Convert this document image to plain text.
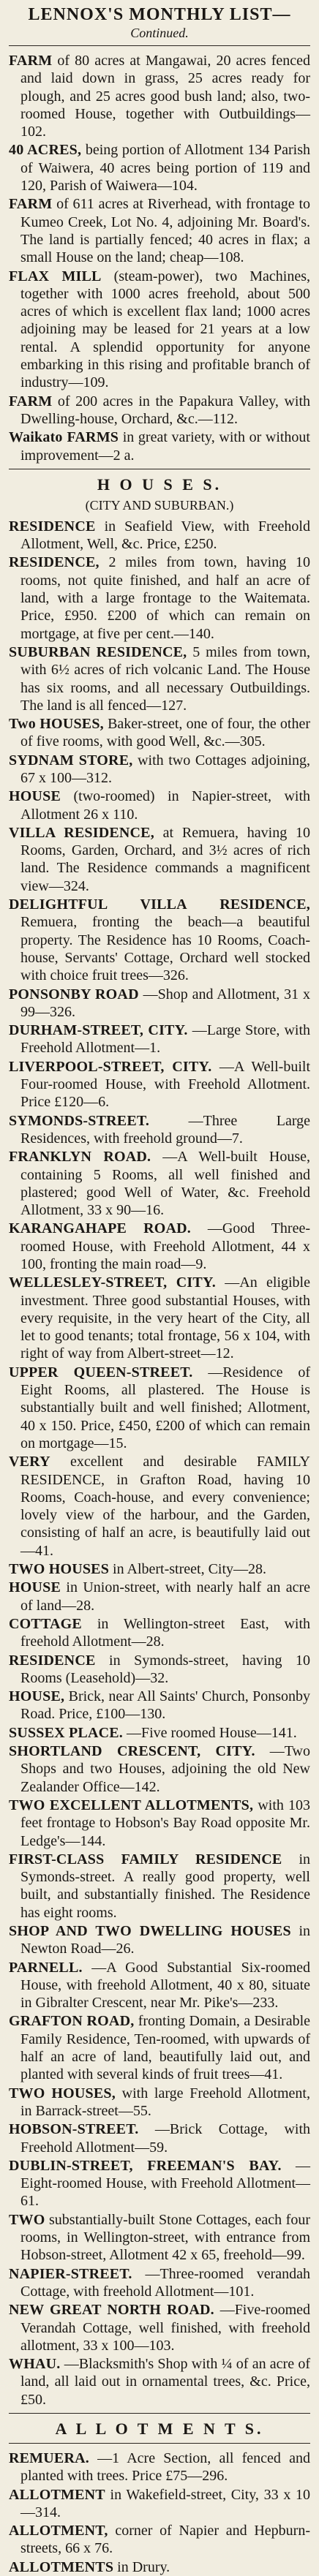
LENNOX'S MONTHLY LIST—

Continued.

FARM of 80 acres at Mangawai, 20 acres fenced and laid down in grass, 25 acres ready for plough, and 25 acres good bush land; also, two-roomed House, together with Outbuildings—102.

40 ACRES, being portion of Allotment 134 Parish of Waiwera, 40 acres being portion of 119 and 120, Parish of Waiwera—104.

FARM of 611 acres at Riverhead, with frontage to Kumeo Creek, Lot No. 4, adjoining Mr. Board's. The land is partially fenced; 40 acres in flax; a small House on the land; cheap—108.

FLAX MILL (steam-power), two Machines, together with 1000 acres freehold, about 500 acres of which is excellent flax land; 1000 acres adjoining may be leased for 21 years at a low rental. A splendid opportunity for anyone embarking in this rising and profitable branch of industry—109.

FARM of 200 acres in the Papakura Valley, with Dwelling-house, Orchard, &c.—112.

Waikato FARMS in great variety, with or without improvement—2 a.

H O U S E S.

(CITY AND SUBURBAN.)

RESIDENCE in Seafield View, with Freehold Allotment, Well, &c. Price, £250.

RESIDENCE, 2 miles from town, having 10 rooms, not quite finished, and half an acre of land, with a large frontage to the Waitemata. Price, £950. £200 of which can remain on mortgage, at five per cent.—140.

SUBURBAN RESIDENCE, 5 miles from town, with 6½ acres of rich volcanic Land. The House has six rooms, and all necessary Outbuildings. The land is all fenced—127.

Two HOUSES, Baker-street, one of four, the other of five rooms, with good Well, &c.—305.

SYDNAM STORE, with two Cottages adjoining, 67 x 100—312.

HOUSE (two-roomed) in Napier-street, with Allotment 26 x 110.

VILLA RESIDENCE, at Remuera, having 10 Rooms, Garden, Orchard, and 3½ acres of rich land. The Residence commands a magnificent view—324.

DELIGHTFUL VILLA RESIDENCE, Remuera, fronting the beach—a beautiful property. The Residence has 10 Rooms, Coach-house, Servants' Cottage, Orchard well stocked with choice fruit trees—326.

PONSONBY ROAD —Shop and Allotment, 31 x 99—326.

DURHAM-STREET, CITY. —Large Store, with Freehold Allotment—1.

LIVERPOOL-STREET, CITY. —A Well-built Four-roomed House, with Freehold Allotment. Price £120—6.

SYMONDS-STREET.	—Three Large Residences, with freehold ground—7.

FRANKLYN ROAD. —A Well-built House, containing 5 Rooms, all well finished and plastered; good Well of Water, &c. Freehold Allotment, 33 x 90—16.

KARANGAHAPE ROAD. —Good Three-roomed House, with Freehold Allotment, 44 x 100, fronting the main road—9.

WELLESLEY-STREET, CITY. —An eligible investment. Three good substantial Houses, with every requisite, in the very heart of the City, all let to good tenants; total frontage, 56 x 104, with right of way from Albert-street—12.

UPPER QUEEN-STREET. —Residence of Eight Rooms, all plastered. The House is substantially built and well finished; Allotment, 40 x 150. Price, £450, £200 of which can remain on mortgage—15.

VERY excellent and desirable FAMILY RESIDENCE, in Grafton Road, having 10 Rooms, Coach-house, and every convenience; lovely view of the harbour, and the Garden, consisting of half an acre, is beautifully laid out—41.

TWO HOUSES in Albert-street, City—28.

HOUSE in Union-street, with nearly half an acre of land—28.

COTTAGE in Wellington-street East, with freehold Allotment—28.

RESIDENCE in Symonds-street, having 10 Rooms (Leasehold)—32.

HOUSE, Brick, near All Saints' Church, Ponsonby Road. Price, £100—130.

SUSSEX PLACE. —Five roomed House—141.

SHORTLAND CRESCENT, CITY. —Two Shops and two Houses, adjoining the old New Zealander Office—142.

TWO EXCELLENT ALLOTMENTS, with 103 feet frontage to Hobson's Bay Road opposite Mr. Ledge's—144.

FIRST-CLASS FAMILY RESIDENCE in Symonds-street. A really good property, well built, and substantially finished. The Residence has eight rooms.

SHOP AND TWO DWELLING HOUSES in Newton Road—26.

PARNELL. —A Good Substantial Six-roomed House, with freehold Allotment, 40 x 80, situate in Gibralter Crescent, near Mr. Pike's—233.

GRAFTON ROAD, fronting Domain, a Desirable Family Residence, Ten-roomed, with upwards of half an acre of land, beautifully laid out, and planted with several kinds of fruit trees—41.

TWO HOUSES, with large Freehold Allotment, in Barrack-street—55.

HOBSON-STREET. —Brick Cottage, with Freehold Allotment—59.

DUBLIN-STREET, FREEMAN'S BAY. —Eight-roomed House, with Freehold Allotment—61.

TWO substantially-built Stone Cottages, each four rooms, in Wellington-street, with entrance from Hobson-street, Allotment 42 x 65, freehold—99.

NAPIER-STREET. —Three-roomed verandah Cottage, with freehold Allotment—101.

NEW GREAT NORTH ROAD. —Five-roomed Verandah Cottage, well finished, with freehold allotment, 33 x 100—103.

WHAU. —Blacksmith's Shop with ¼ of an acre of land, all laid out in ornamental trees, &c. Price, £50.

A L L O T M E N T S.

REMUERA. —1 Acre Section, all fenced and planted with trees. Price £75—296.

ALLOTMENT in Wakefield-street, City, 33 x 10—314.

ALLOTMENT, corner of Napier and Hepburn-streets, 66 x 76.

ALLOTMENTS in Drury.
